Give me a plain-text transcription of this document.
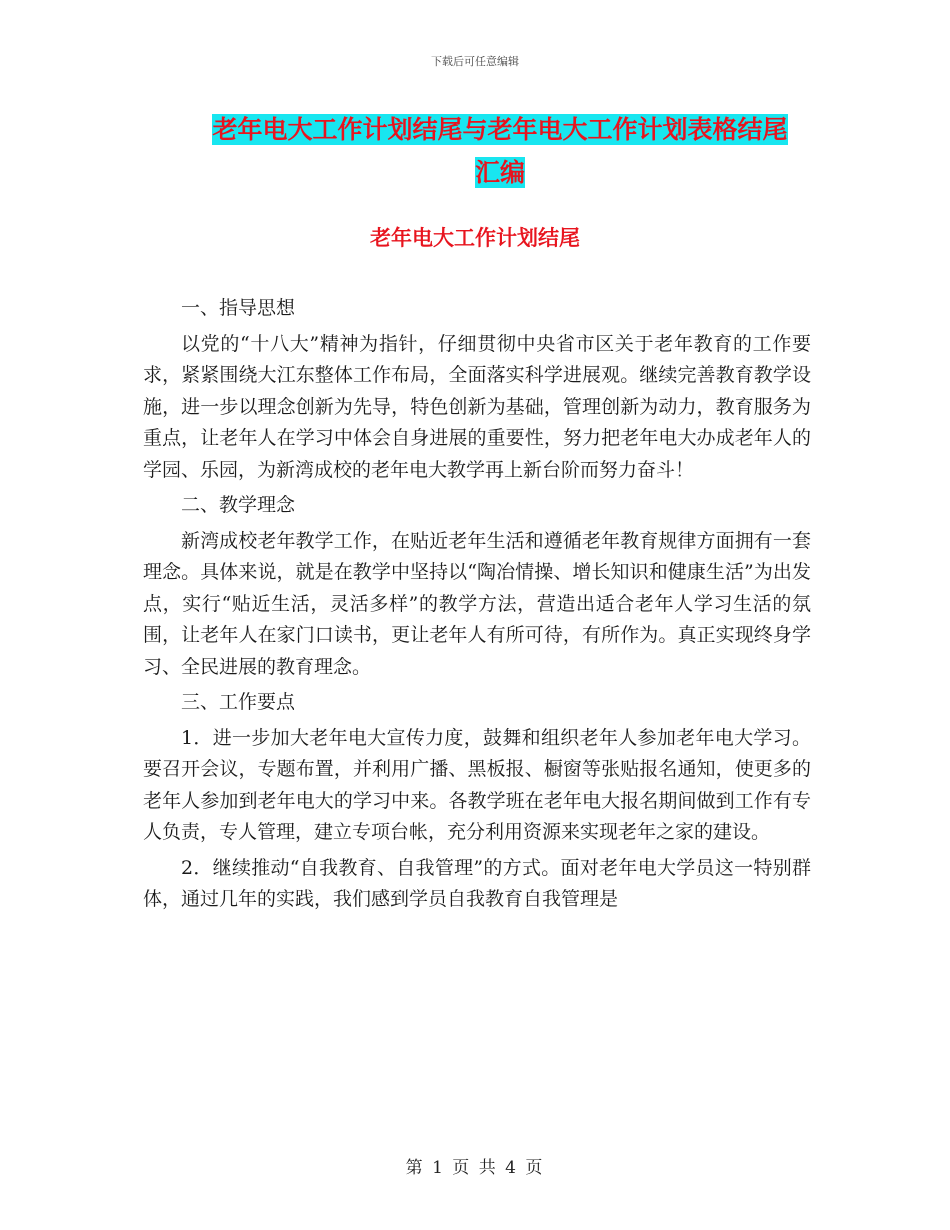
下载后可任意编辑
老年电大工作计划结尾与老年电大工作计划表格结尾
汇编
老年电大工作计划结尾

一、指导思想

以党的“十八大”精神为指针，仔细贯彻中央省市区关于老年教育的工作要求，紧紧围绕大江东整体工作布局，全面落实科学进展观。继续完善教育教学设施，进一步以理念创新为先导，特色创新为基础，管理创新为动力，教育服务为重点，让老年人在学习中体会自身进展的重要性，努力把老年电大办成老年人的学园、乐园，为新湾成校的老年电大教学再上新台阶而努力奋斗！

二、教学理念

新湾成校老年教学工作，在贴近老年生活和遵循老年教育规律方面拥有一套理念。具体来说，就是在教学中坚持以“陶冶情操、增长知识和健康生活”为出发点，实行“贴近生活，灵活多样”的教学方法，营造出适合老年人学习生活的氛围，让老年人在家门口读书，更让老年人有所可待，有所作为。真正实现终身学习、全民进展的教育理念。

三、工作要点

1．进一步加大老年电大宣传力度，鼓舞和组织老年人参加老年电大学习。要召开会议，专题布置，并利用广播、黑板报、橱窗等张贴报名通知，使更多的老年人参加到老年电大的学习中来。各教学班在老年电大报名期间做到工作有专人负责，专人管理，建立专项台帐，充分利用资源来实现老年之家的建设。

2．继续推动“自我教育、自我管理”的方式。面对老年电大学员这一特别群体，通过几年的实践，我们感到学员自我教育自我管理是

第 1 页 共 4 页
